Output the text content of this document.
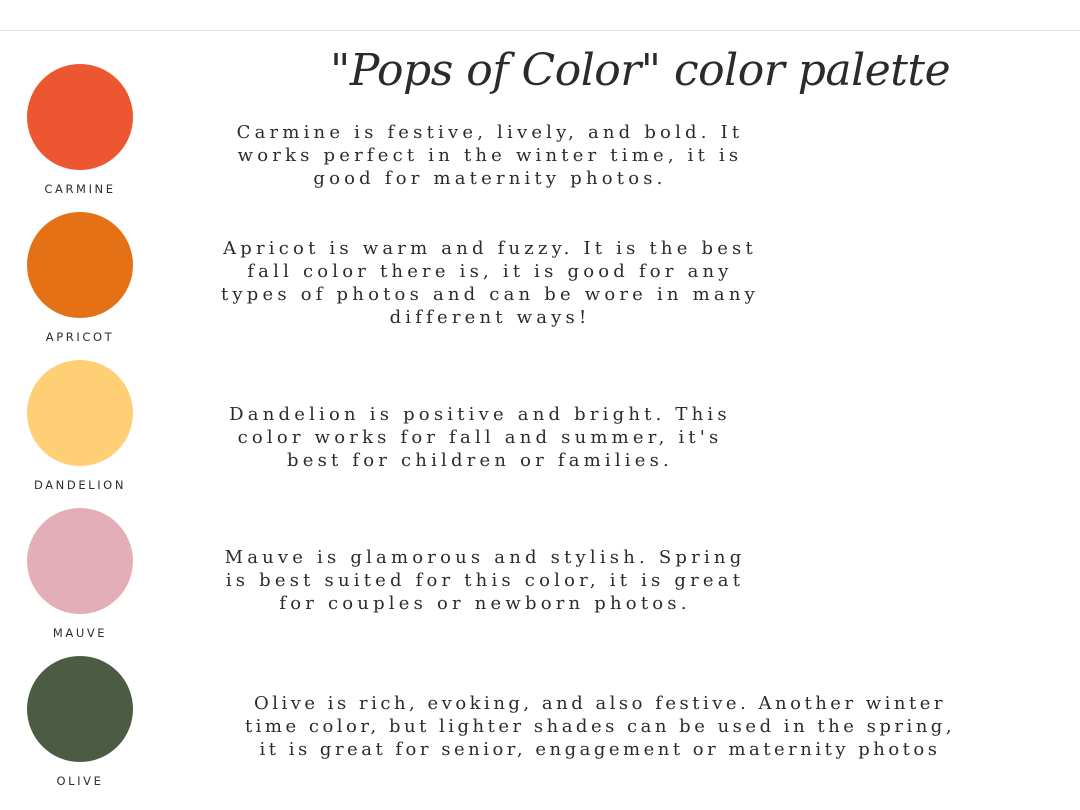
"Pops of Color" color palette
CARMINE
Carmine is festive, lively, and bold. It
works perfect in the winter time, it is
good for maternity photos.
APRICOT
Apricot is warm and fuzzy. It is the best
fall color there is, it is good for any
types of photos and can be wore in many
different ways!
DANDELION
Dandelion is positive and bright. This
color works for fall and summer, it's
best for children or families.
MAUVE
Mauve is glamorous and stylish. Spring
is best suited for this color, it is great
for couples or newborn photos.
OLIVE
Olive is rich, evoking, and also festive. Another winter
time color, but lighter shades can be used in the spring,
it is great for senior, engagement or maternity photos
